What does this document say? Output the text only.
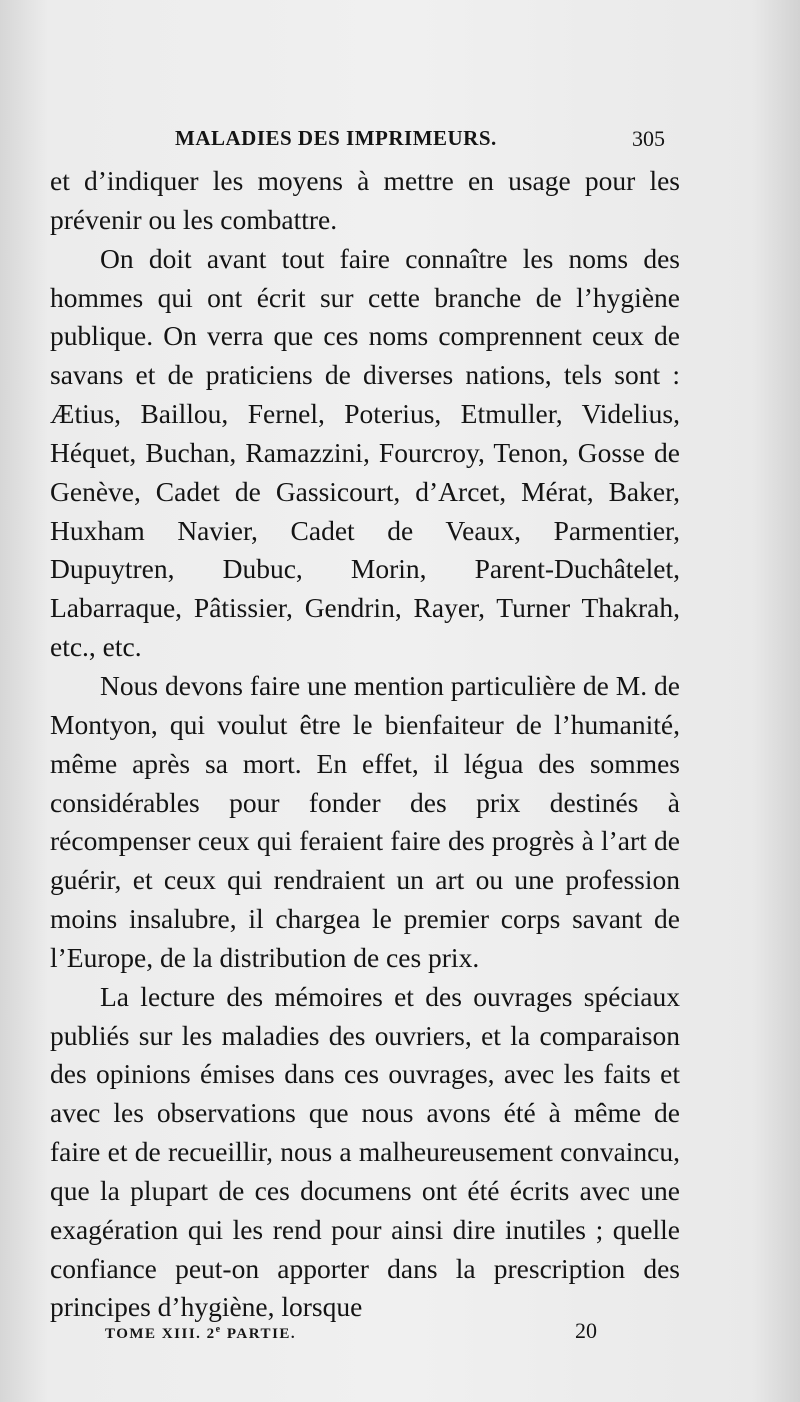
MALADIES DES IMPRIMEURS.	305

et d’indiquer les moyens à mettre en usage pour les prévenir ou les combattre.

On doit avant tout faire connaître les noms des hommes qui ont écrit sur cette branche de l’hygiène publique. On verra que ces noms comprennent ceux de savans et de praticiens de diverses nations, tels sont : Ætius, Baillou, Fernel, Poterius, Etmuller, Videlius, Héquet, Buchan, Ramazzini, Fourcroy, Tenon, Gosse de Genève, Cadet de Gassicourt, d’Arcet, Mérat, Baker, Huxham Navier, Cadet de Veaux, Parmentier, Dupuytren, Dubuc, Morin, Parent-Duchâtelet, Labarraque, Pâtissier, Gendrin, Rayer, Turner Thakrah, etc., etc.

Nous devons faire une mention particulière de M. de Montyon, qui voulut être le bienfaiteur de l’humanité, même après sa mort. En effet, il légua des sommes considérables pour fonder des prix destinés à récompenser ceux qui feraient faire des progrès à l’art de guérir, et ceux qui rendraient un art ou une profession moins insalubre, il chargea le premier corps savant de l’Europe, de la distribution de ces prix.

La lecture des mémoires et des ouvrages spéciaux publiés sur les maladies des ouvriers, et la comparaison des opinions émises dans ces ouvrages, avec les faits et avec les observations que nous avons été à même de faire et de recueillir, nous a malheureusement convaincu, que la plupart de ces documens ont été écrits avec une exagération qui les rend pour ainsi dire inutiles ; quelle confiance peut-on apporter dans la prescription des principes d’hygiène, lorsque

TOME XIII. 2e PARTIE.	20
